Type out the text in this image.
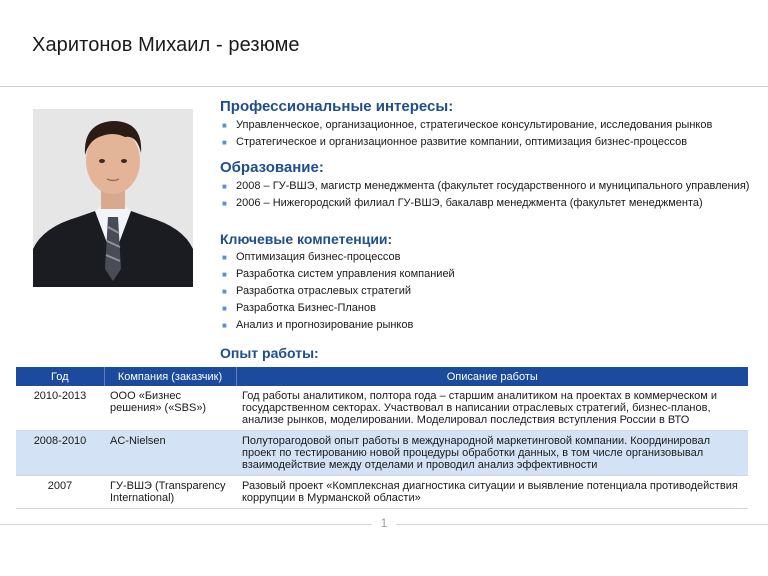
Харитонов Михаил - резюме
Профессиональные интересы:
■ Управленческое, организационное, стратегическое консультирование, исследования рынков
■ Стратегическое и организационное развитие компании, оптимизация бизнес-процессов
Образование:
■ 2008 – ГУ-ВШЭ, магистр менеджмента (факультет государственного и муниципального управления)
■ 2006 – Нижегородский филиал ГУ-ВШЭ, бакалавр менеджмента (факультет менеджмента)
Ключевые компетенции:
■ Оптимизация бизнес-процессов
■ Разработка систем управления компанией
■ Разработка отраслевых стратегий
■ Разработка Бизнес-Планов
■ Анализ и прогнозирование рынков
Опыт работы:
Год	Компания (заказчик)	Описание работы
2010-2013	ООО «Бизнес решения» («SBS»)	Год работы аналитиком, полтора года – старшим аналитиком на проектах в коммерческом и государственном секторах. Участвовал в написании отраслевых стратегий, бизнес-планов, анализе рынков, моделировании. Моделировал последствия вступления России в ВТО
2008-2010	AC-Nielsen	Полуторагодовой опыт работы в международной маркетинговой компании. Координировал проект по тестированию новой процедуры обработки данных, в том числе организовывал взаимодействие между отделами и проводил анализ эффективности
2007	ГУ-ВШЭ (Transparency International)	Разовый проект «Комплексная диагностика ситуации и выявление потенциала противодействия коррупции в Мурманской области»
1
